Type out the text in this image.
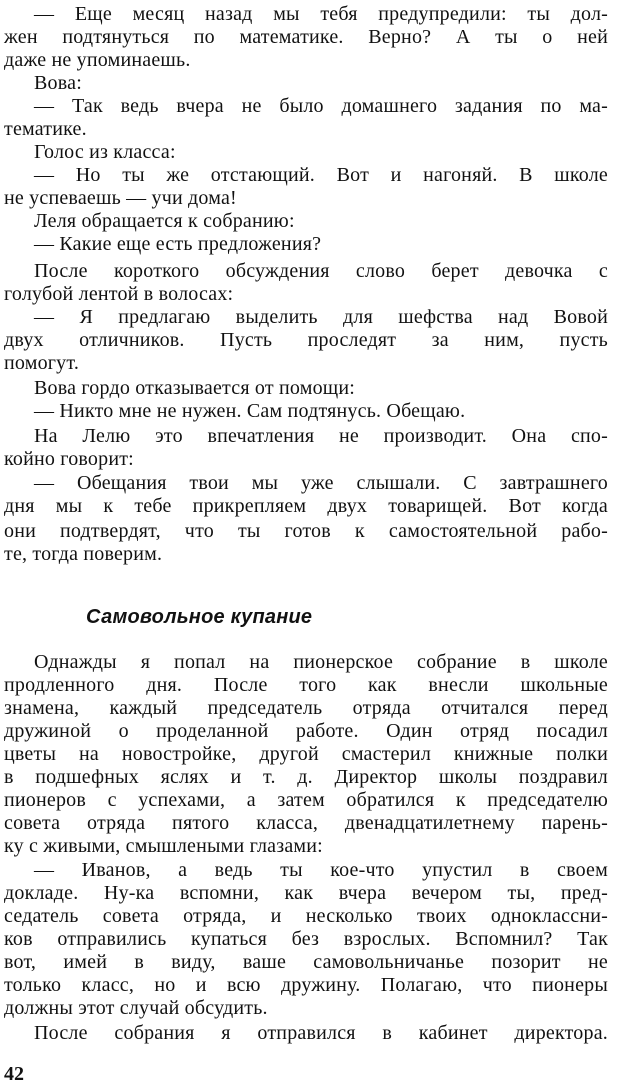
— Еще месяц назад мы тебя предупредили: ты дол-
жен подтянуться по математике. Верно? А ты о ней
даже не упоминаешь.
Вова:
— Так ведь вчера не было домашнего задания по ма-
тематике.
Голос из класса:
— Но ты же отстающий. Вот и нагоняй. В школе
не успеваешь — учи дома!
Леля обращается к собранию:
— Какие еще есть предложения?
После короткого обсуждения слово берет девочка с
голубой лентой в волосах:
— Я предлагаю выделить для шефства над Вовой
двух отличников. Пусть проследят за ним, пусть
помогут.
Вова гордо отказывается от помощи:
— Никто мне не нужен. Сам подтянусь. Обещаю.
На Лелю это впечатления не производит. Она спо-
койно говорит:
— Обещания твои мы уже слышали. С завтрашнего
дня мы к тебе прикрепляем двух товарищей. Вот когда
они подтвердят, что ты готов к самостоятельной рабо-
те, тогда поверим.
Самовольное купание
Однажды я попал на пионерское собрание в школе
продленного дня. После того как внесли школьные
знамена, каждый председатель отряда отчитался перед
дружиной о проделанной работе. Один отряд посадил
цветы на новостройке, другой смастерил книжные полки
в подшефных яслях и т. д. Директор школы поздравил
пионеров с успехами, а затем обратился к председателю
совета отряда пятого класса, двенадцатилетнему парень-
ку с живыми, смышлеными глазами:
— Иванов, а ведь ты кое-что упустил в своем
докладе. Ну-ка вспомни, как вчера вечером ты, пред-
седатель совета отряда, и несколько твоих одноклассни-
ков отправились купаться без взрослых. Вспомнил? Так
вот, имей в виду, ваше самовольничанье позорит не
только класс, но и всю дружину. Полагаю, что пионеры
должны этот случай обсудить.
После собрания я отправился в кабинет директора.
42
